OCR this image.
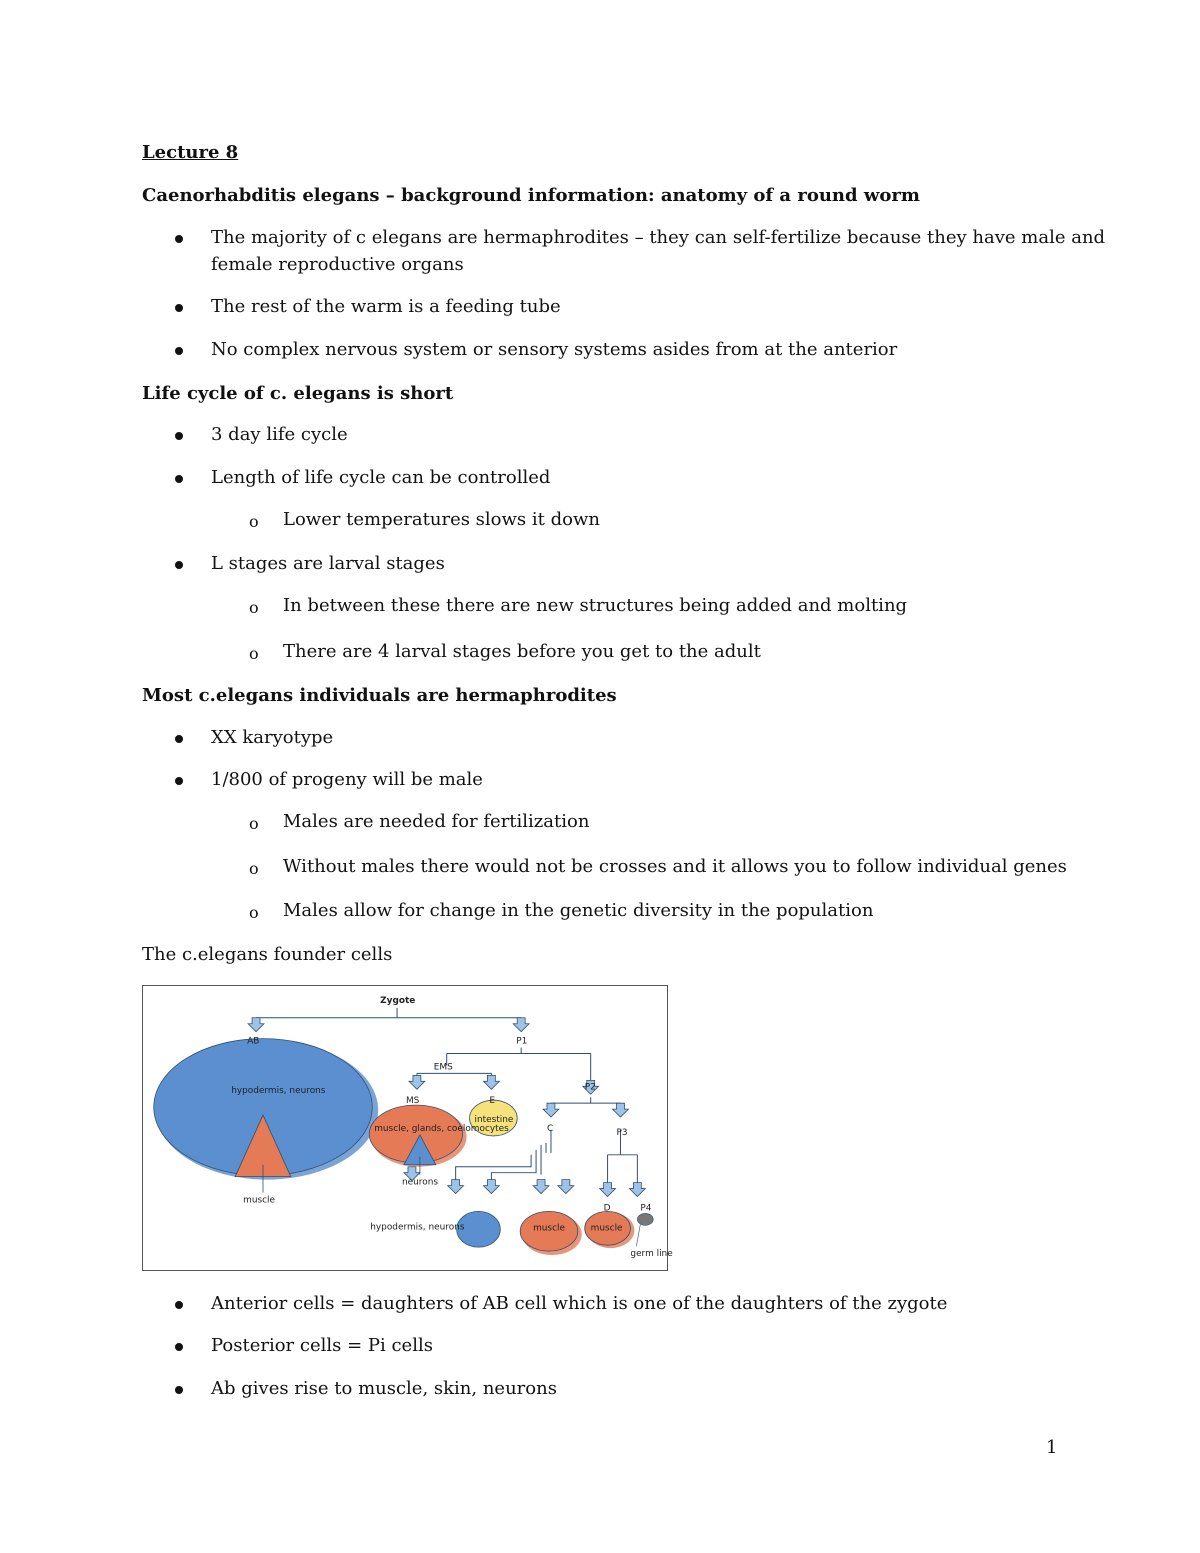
Lecture 8
Caenorhabditis elegans – background information: anatomy of a round worm
The majority of c elegans are hermaphrodites – they can self-fertilize because they have male and
female reproductive organs
The rest of the warm is a feeding tube
No complex nervous system or sensory systems asides from at the anterior
Life cycle of c. elegans is short
3 day life cycle
Length of life cycle can be controlled
o Lower temperatures slows it down
L stages are larval stages
o In between these there are new structures being added and molting
o There are 4 larval stages before you get to the adult
Most c.elegans individuals are hermaphrodites
XX karyotype
1/800 of progeny will be male
o Males are needed for fertilization
o Without males there would not be crosses and it allows you to follow individual genes
o Males allow for change in the genetic diversity in the population
The c.elegans founder cells
Zygote
AB	P1
EMS
P2
MS	E
C	P3
D	P4
hypodermis, neurons
muscle
muscle, glands, coelomocytes
intestine
neurons
hypodermis, neurons	muscle	muscle
germ line
Anterior cells = daughters of AB cell which is one of the daughters of the zygote
Posterior cells = Pi cells
Ab gives rise to muscle, skin, neurons
1
